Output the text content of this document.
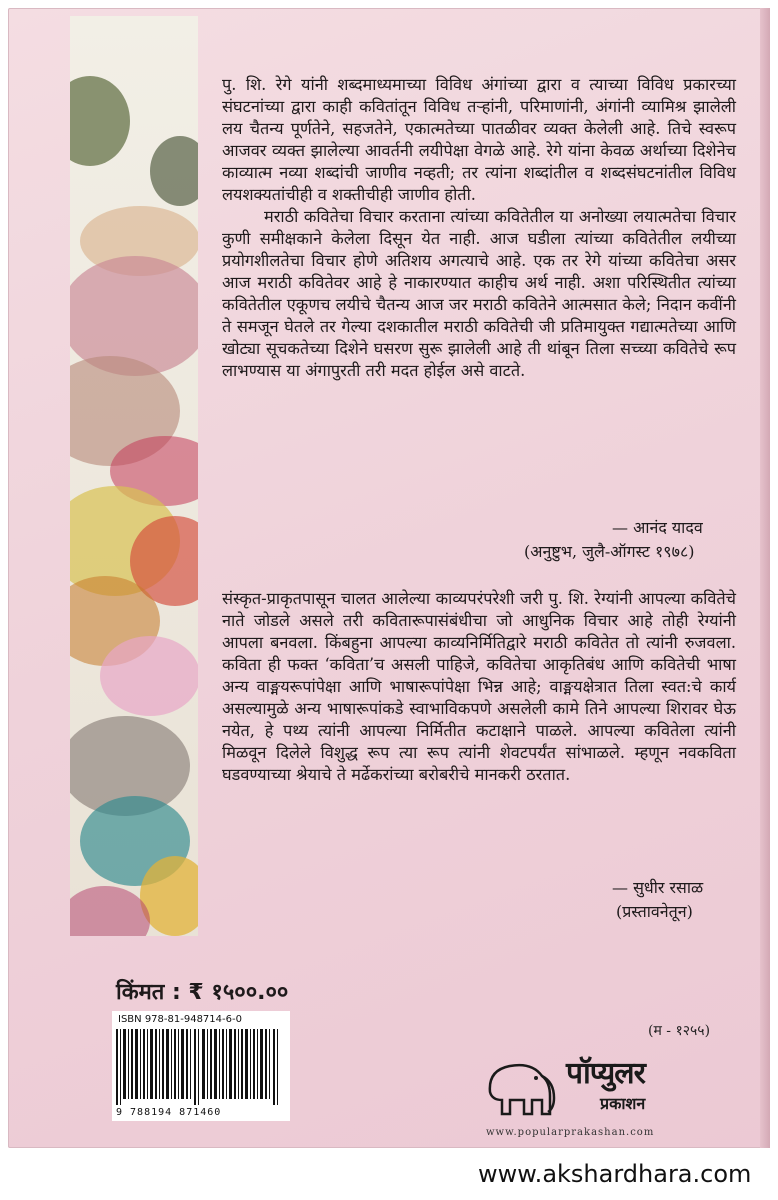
पु. शि. रेगे यांनी शब्दमाध्यमाच्या विविध अंगांच्या द्वारा व त्याच्या विविध प्रकारच्या संघटनांच्या द्वारा काही कवितांतून विविध तऱ्हांनी, परिमाणांनी, अंगांनी व्यामिश्र झालेली लय चैतन्य पूर्णतेने, सहजतेने, एकात्मतेच्या पातळीवर व्यक्त केलेली आहे. तिचे स्वरूप आजवर व्यक्त झालेल्या आवर्तनी लयीपेक्षा वेगळे आहे. रेगे यांना केवळ अर्थाच्या दिशेनेच काव्यात्म नव्या शब्दांची जाणीव नव्हती; तर त्यांना शब्दांतील व शब्दसंघटनांतील विविध लयशक्यतांचीही व शक्तीचीही जाणीव होती.

मराठी कवितेचा विचार करताना त्यांच्या कवितेतील या अनोख्या लयात्मतेचा विचार कुणी समीक्षकाने केलेला दिसून येत नाही. आज घडीला त्यांच्या कवितेतील लयीच्या प्रयोगशीलतेचा विचार होणे अतिशय अगत्याचे आहे. एक तर रेगे यांच्या कवितेचा असर आज मराठी कवितेवर आहे हे नाकारण्यात काहीच अर्थ नाही. अशा परिस्थितीत त्यांच्या कवितेतील एकूणच लयीचे चैतन्य आज जर मराठी कवितेने आत्मसात केले; निदान कवींनी ते समजून घेतले तर गेल्या दशकातील मराठी कवितेची जी प्रतिमायुक्त गद्यात्मतेच्या आणि खोट्या सूचकतेच्या दिशेने घसरण सुरू झालेली आहे ती थांबून तिला सच्च्या कवितेचे रूप लाभण्यास या अंगापुरती तरी मदत होईल असे वाटते.

— आनंद यादव
(अनुष्टुभ, जुलै-ऑगस्ट १९७८)

संस्कृत-प्राकृतपासून चालत आलेल्या काव्यपरंपरेशी जरी पु. शि. रेग्यांनी आपल्या कवितेचे नाते जोडले असले तरी कवितारूपासंबंधीचा जो आधुनिक विचार आहे तोही रेग्यांनी आपला बनवला. किंबहुना आपल्या काव्यनिर्मितिद्वारे मराठी कवितेत तो त्यांनी रुजवला. कविता ही फक्त ‘कविता’च असली पाहिजे, कवितेचा आकृतिबंध आणि कवितेची भाषा अन्य वाङ्मयरूपांपेक्षा आणि भाषारूपांपेक्षा भिन्न आहे; वाङ्मयक्षेत्रात तिला स्वत:चे कार्य असल्यामुळे अन्य भाषारूपांकडे स्वाभाविकपणे असलेली कामे तिने आपल्या शिरावर घेऊ नयेत, हे पथ्य त्यांनी आपल्या निर्मितीत कटाक्षाने पाळले. आपल्या कवितेला त्यांनी मिळवून दिलेले विशुद्ध रूप त्या रूप त्यांनी शेवटपर्यंत सांभाळले. म्हणून नवकविता घडवण्याच्या श्रेयाचे ते मर्ढेकरांच्या बरोबरीचे मानकरी ठरतात.

— सुधीर रसाळ
(प्रस्तावनेतून)
किंमत : ₹ १५००.००
ISBN 978-81-948714-6-0
9 788194 871460
(म - १२५५)
पॉप्युलर
प्रकाशन
www.popularprakashan.com
www.akshardhara.com
